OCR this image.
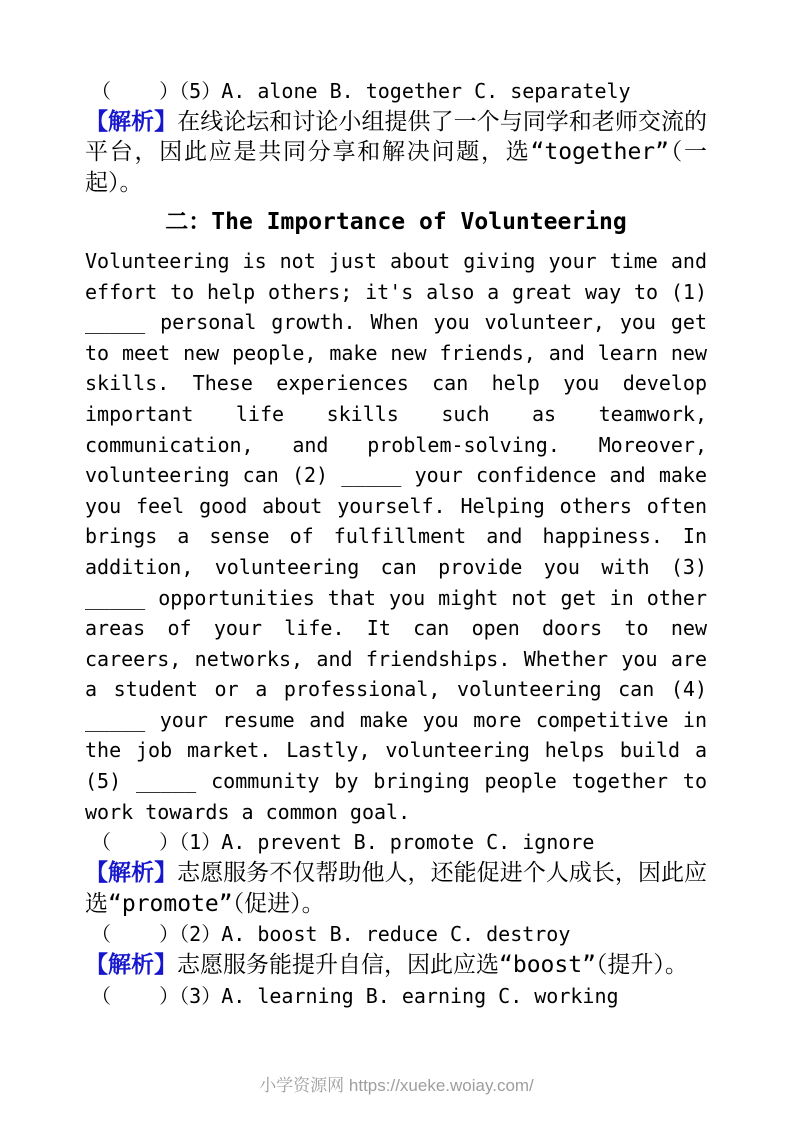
（    ）（5）A. alone B. together C. separately

【解析】在线论坛和讨论小组提供了一个与同学和老师交流的平台，因此应是共同分享和解决问题，选“together”（一起）。

二：The Importance of Volunteering

Volunteering is not just about giving your time and effort to help others; it's also a great way to (1) _____ personal growth. When you volunteer, you get to meet new people, make new friends, and learn new skills. These experiences can help you develop important life skills such as teamwork, communication, and problem-solving. Moreover, volunteering can (2) _____ your confidence and make you feel good about yourself. Helping others often brings a sense of fulfillment and happiness. In addition, volunteering can provide you with (3) _____ opportunities that you might not get in other areas of your life. It can open doors to new careers, networks, and friendships. Whether you are a student or a professional, volunteering can (4) _____ your resume and make you more competitive in the job market. Lastly, volunteering helps build a (5) _____ community by bringing people together to work towards a common goal.

（    ）（1）A. prevent B. promote C. ignore

【解析】志愿服务不仅帮助他人，还能促进个人成长，因此应选“promote”（促进）。

（    ）（2）A. boost B. reduce C. destroy

【解析】志愿服务能提升自信，因此应选“boost”（提升）。

（    ）（3）A. learning B. earning C. working

小学资源网 https://xueke.woiay.com/
